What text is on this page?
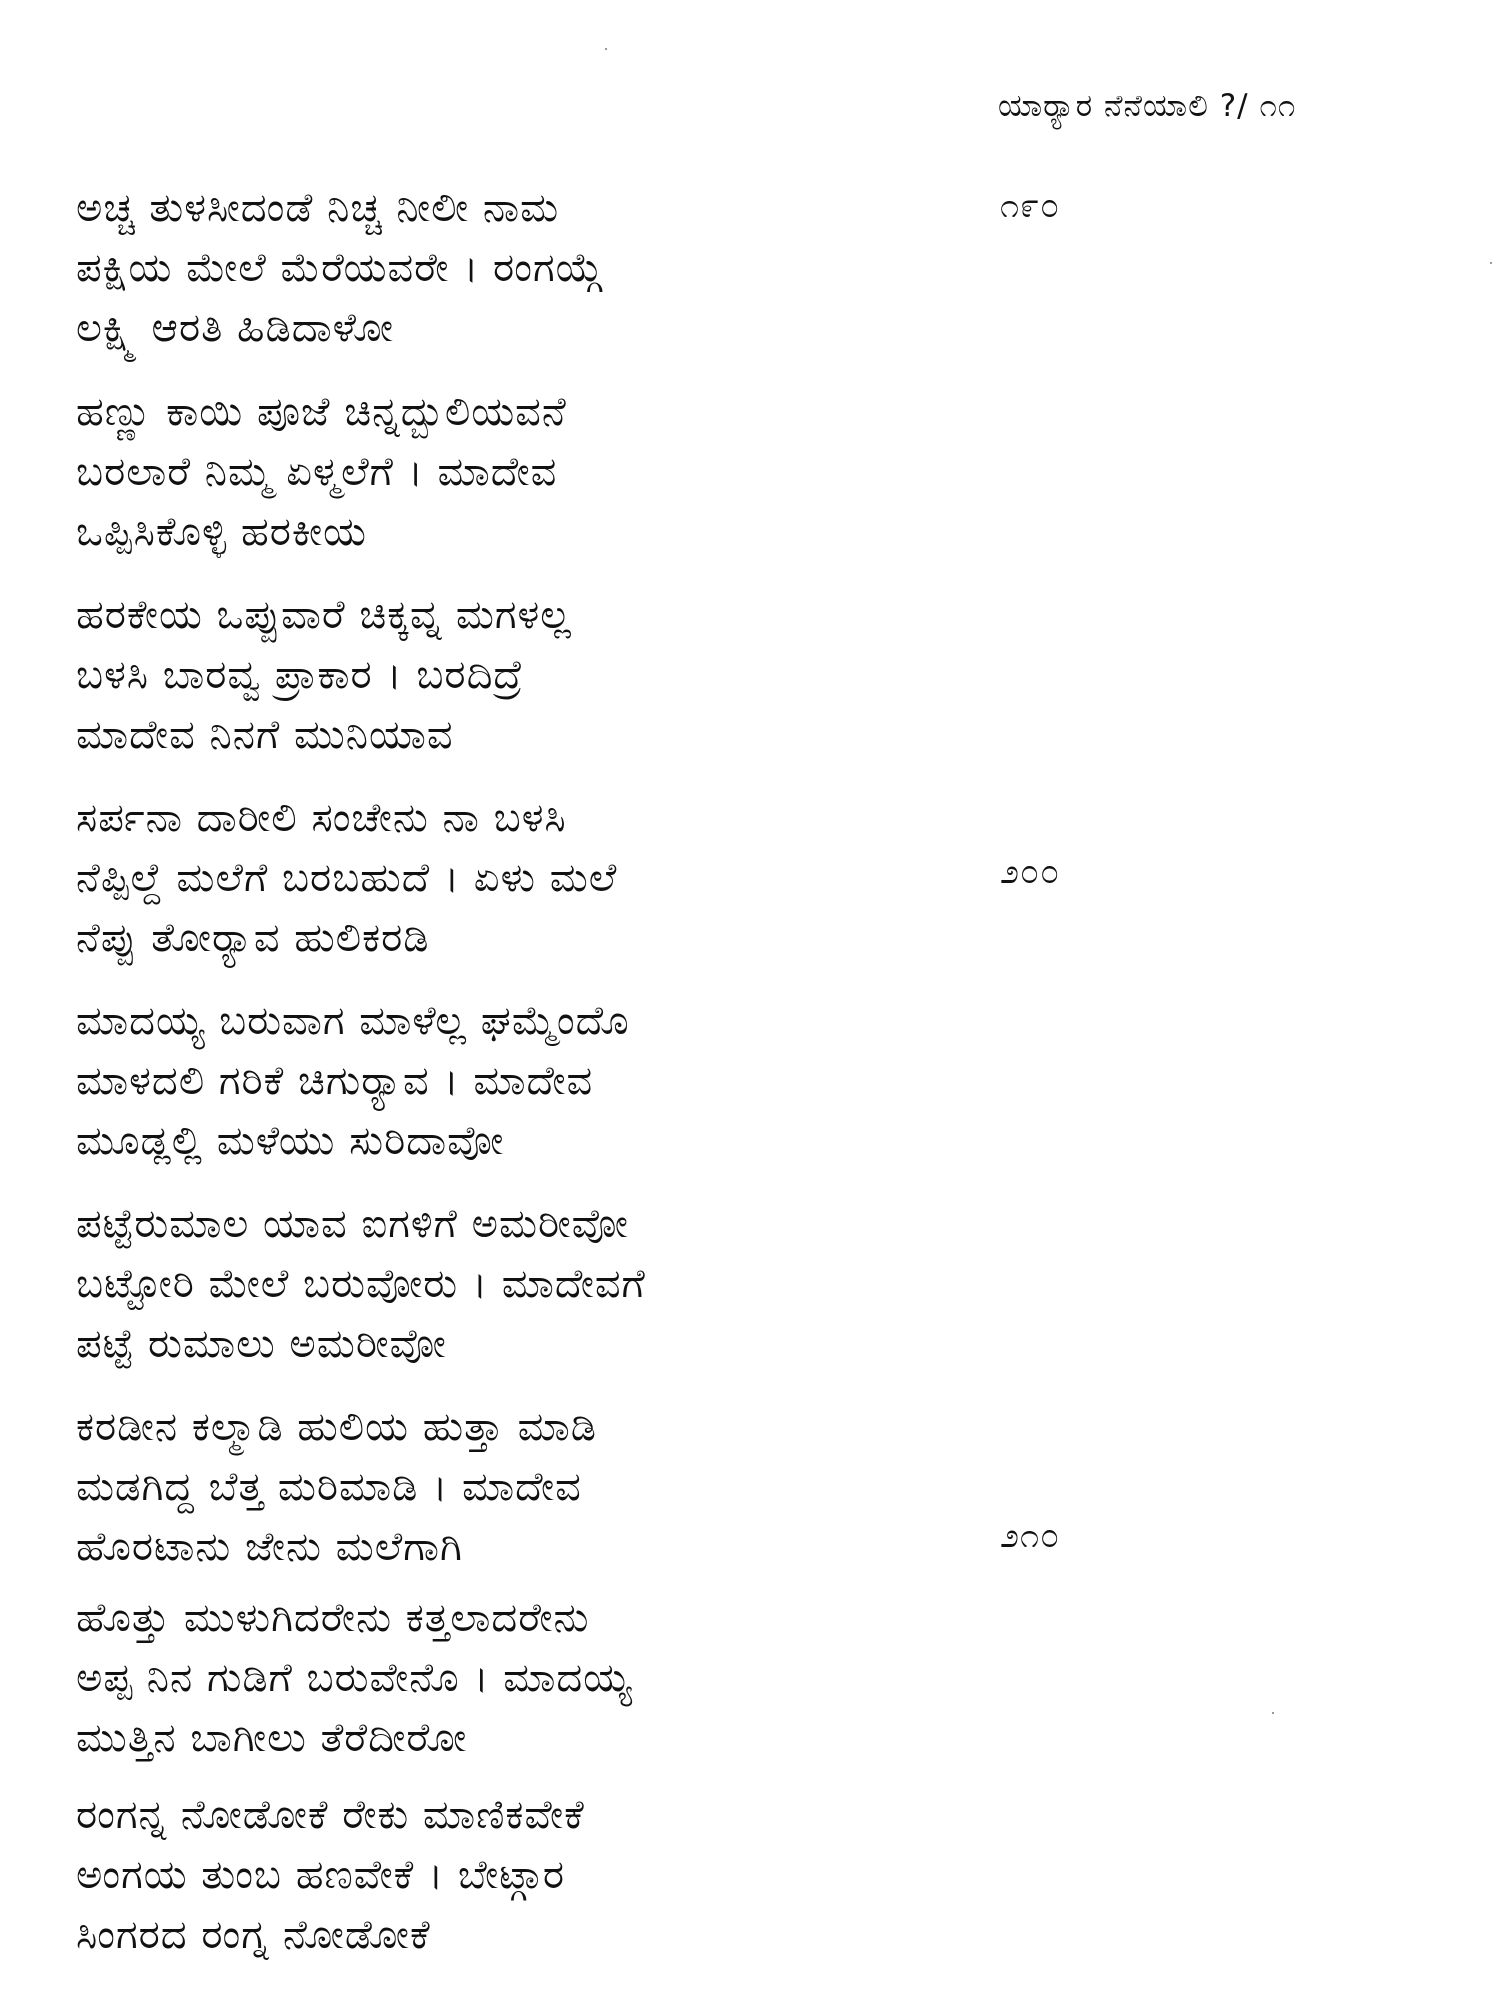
ಯಾರ್‍ಯಾರ ನೆನೆಯಾಲಿ ?/ ೧೧
ಅಚ್ಚ ತುಳಸೀದಂಡೆ ನಿಚ್ಚ ನೀಲೀ ನಾಮ
ಪಕ್ಷಿಯ ಮೇಲೆ ಮೆರೆಯವರೇ । ರಂಗಯ್ಗೆ
ಲಕ್ಷ್ಮಿ ಆರತಿ ಹಿಡಿದಾಳೋ
೧೯೦
ಹಣ್ಣು ಕಾಯಿ ಪೂಜೆ ಚಿನ್ನದ್ಬುಲಿಯವನೆ
ಬರಲಾರೆ ನಿಮ್ಮ ಏಳ್ಮಲೆಗೆ । ಮಾದೇವ
ಒಪ್ಪಿಸಿಕೊಳ್ಳಿ ಹರಕೀಯ
ಹರಕೇಯ ಒಪ್ಪುವಾರೆ ಚಿಕ್ಕವ್ನ ಮಗಳಲ್ಲ
ಬಳಸಿ ಬಾರವ್ವ ಪ್ರಾಕಾರ । ಬರದಿದ್ರೆ
ಮಾದೇವ ನಿನಗೆ ಮುನಿಯಾವ
ಸರ್ಪನಾ ದಾರೀಲಿ ಸಂಚೇನು ನಾ ಬಳಸಿ
ನೆಪ್ಪಿಲ್ದೆ ಮಲೆಗೆ ಬರಬಹುದೆ । ಏಳು ಮಲೆ
ನೆಪ್ಪು ತೋರ್‍ಯಾವ ಹುಲಿಕರಡಿ
೨೦೦
ಮಾದಯ್ಯ ಬರುವಾಗ ಮಾಳೆಲ್ಲ ಘಮ್ಮೆಂದೊ
ಮಾಳದಲಿ ಗರಿಕೆ ಚಿಗುರ್‍ಯಾವ । ಮಾದೇವ
ಮೂಡ್ಲಲ್ಲಿ ಮಳೆಯು ಸುರಿದಾವೋ
ಪಟ್ಟೆರುಮಾಲ ಯಾವ ಐಗಳಿಗೆ ಅಮರೀವೋ
ಬಟ್ಟೋರಿ ಮೇಲೆ ಬರುವೋರು । ಮಾದೇವಗೆ
ಪಟ್ಟೆ ರುಮಾಲು ಅಮರೀವೋ
ಕರಡೀನ ಕಲ್ಮಾಡಿ ಹುಲಿಯ ಹುತ್ತಾ ಮಾಡಿ
ಮಡಗಿದ್ದ ಬೆತ್ತ ಮರಿಮಾಡಿ । ಮಾದೇವ
ಹೊರಟಾನು ಜೇನು ಮಲೆಗಾಗಿ	೨೧೦
ಹೊತ್ತು ಮುಳುಗಿದರೇನು ಕತ್ತಲಾದರೇನು
ಅಪ್ಪ ನಿನ ಗುಡಿಗೆ ಬರುವೇನೊ । ಮಾದಯ್ಯ
ಮುತ್ತಿನ ಬಾಗೀಲು ತೆರೆದೀರೋ
ರಂಗನ್ನ ನೋಡೋಕೆ ರೇಕು ಮಾಣಿಕವೇಕೆ
ಅಂಗಯ ತುಂಬ ಹಣವೇಕೆ । ಬೇಟ್ಗಾರ
ಸಿಂಗರದ ರಂಗ್ನ ನೋಡೋಕೆ
